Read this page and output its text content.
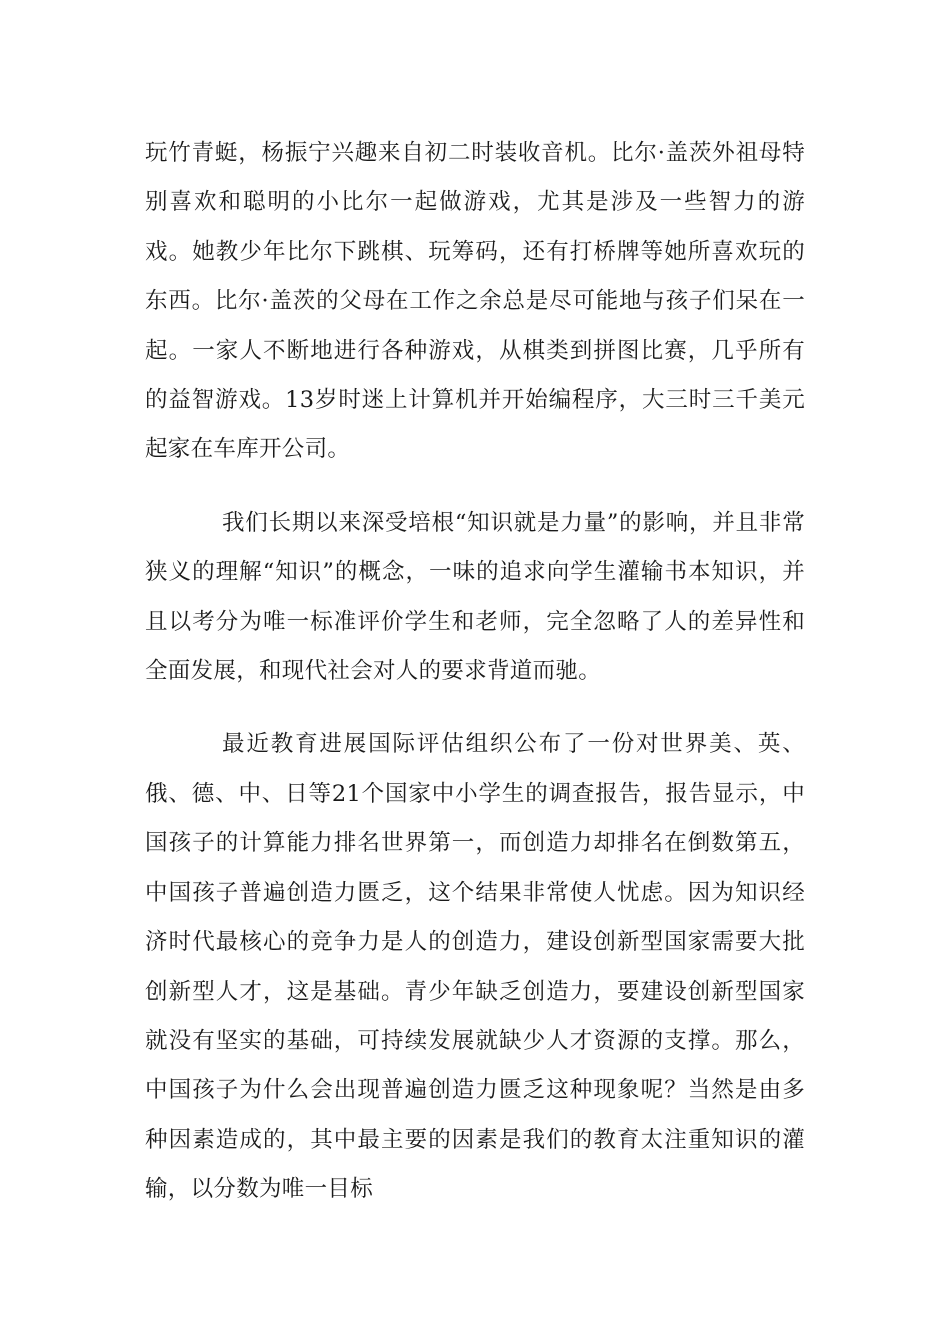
玩竹青蜓，杨振宁兴趣来自初二时装收音机。比尔·盖茨外祖母特别喜欢和聪明的小比尔一起做游戏，尤其是涉及一些智力的游戏。她教少年比尔下跳棋、玩筹码，还有打桥牌等她所喜欢玩的东西。比尔·盖茨的父母在工作之余总是尽可能地与孩子们呆在一起。一家人不断地进行各种游戏，从棋类到拼图比赛，几乎所有的益智游戏。13岁时迷上计算机并开始编程序，大三时三千美元起家在车库开公司。

我们长期以来深受培根“知识就是力量”的影响，并且非常狭义的理解“知识”的概念，一味的追求向学生灌输书本知识，并且以考分为唯一标准评价学生和老师，完全忽略了人的差异性和全面发展，和现代社会对人的要求背道而驰。

最近教育进展国际评估组织公布了一份对世界美、英、俄、德、中、日等21个国家中小学生的调查报告，报告显示，中国孩子的计算能力排名世界第一，而创造力却排名在倒数第五，中国孩子普遍创造力匮乏，这个结果非常使人忧虑。因为知识经济时代最核心的竞争力是人的创造力，建设创新型国家需要大批创新型人才，这是基础。青少年缺乏创造力，要建设创新型国家就没有坚实的基础，可持续发展就缺少人才资源的支撑。那么，中国孩子为什么会出现普遍创造力匮乏这种现象呢？当然是由多种因素造成的，其中最主要的因素是我们的教育太注重知识的灌输，以分数为唯一目标
